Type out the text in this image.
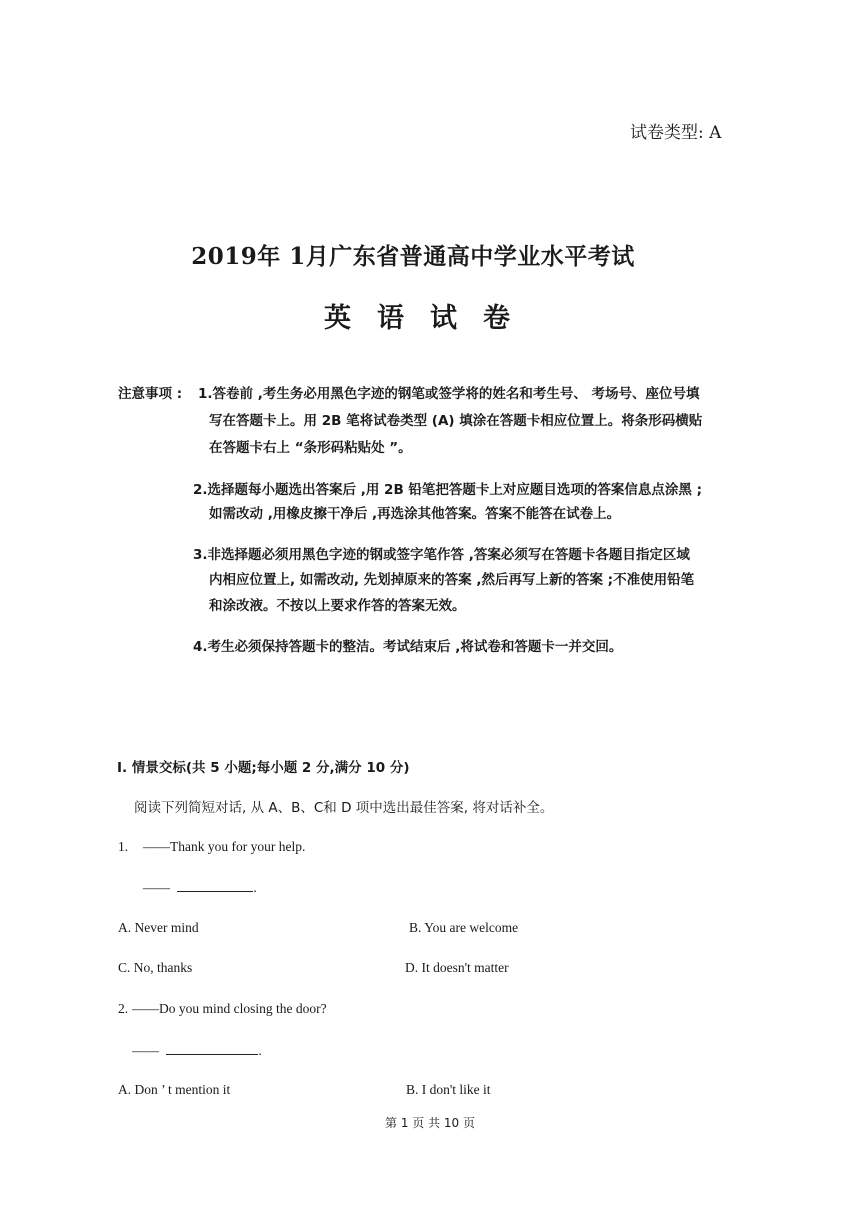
试卷类型: A
2019年 1月广东省普通高中学业水平考试
英语试卷
注意事项 : 1.答卷前 ,考生务必用黑色字迹的钢笔或签学将的姓名和考生号、 考场号、座位号填
写在答题卡上。用 2B 笔将试卷类型 (A) 填涂在答题卡相应位置上。将条形码横贴
在答题卡右上 “条形码粘贴处 ”。
2.选择题每小题选出答案后 ,用 2B 铅笔把答题卡上对应题目选项的答案信息点涂黑 ;
如需改动 ,用橡皮擦干净后 ,再选涂其他答案。答案不能答在试卷上。
3.非选择题必须用黑色字迹的钢或签字笔作答 ,答案必须写在答题卡各题目指定区域
内相应位置上, 如需改动, 先划掉原来的答案 ,然后再写上新的答案 ;不准使用铅笔
和涂改液。不按以上要求作答的答案无效。
4.考生必须保持答题卡的整洁。考试结束后 ,将试卷和答题卡一并交回。
I. 情景交标(共 5 小题;每小题 2 分,满分 10 分)
阅读下列简短对话, 从 A、B、C和 D 项中选出最佳答案, 将对话补全。
1. ——Thank you for your help.
——	.
A. Never mind	B. You are welcome
C. No, thanks	D. It doesn't matter
2. ——Do you mind closing the door?
——	.
A. Don ’ t mention it	B. I don't like it
第 1 页 共 10 页
